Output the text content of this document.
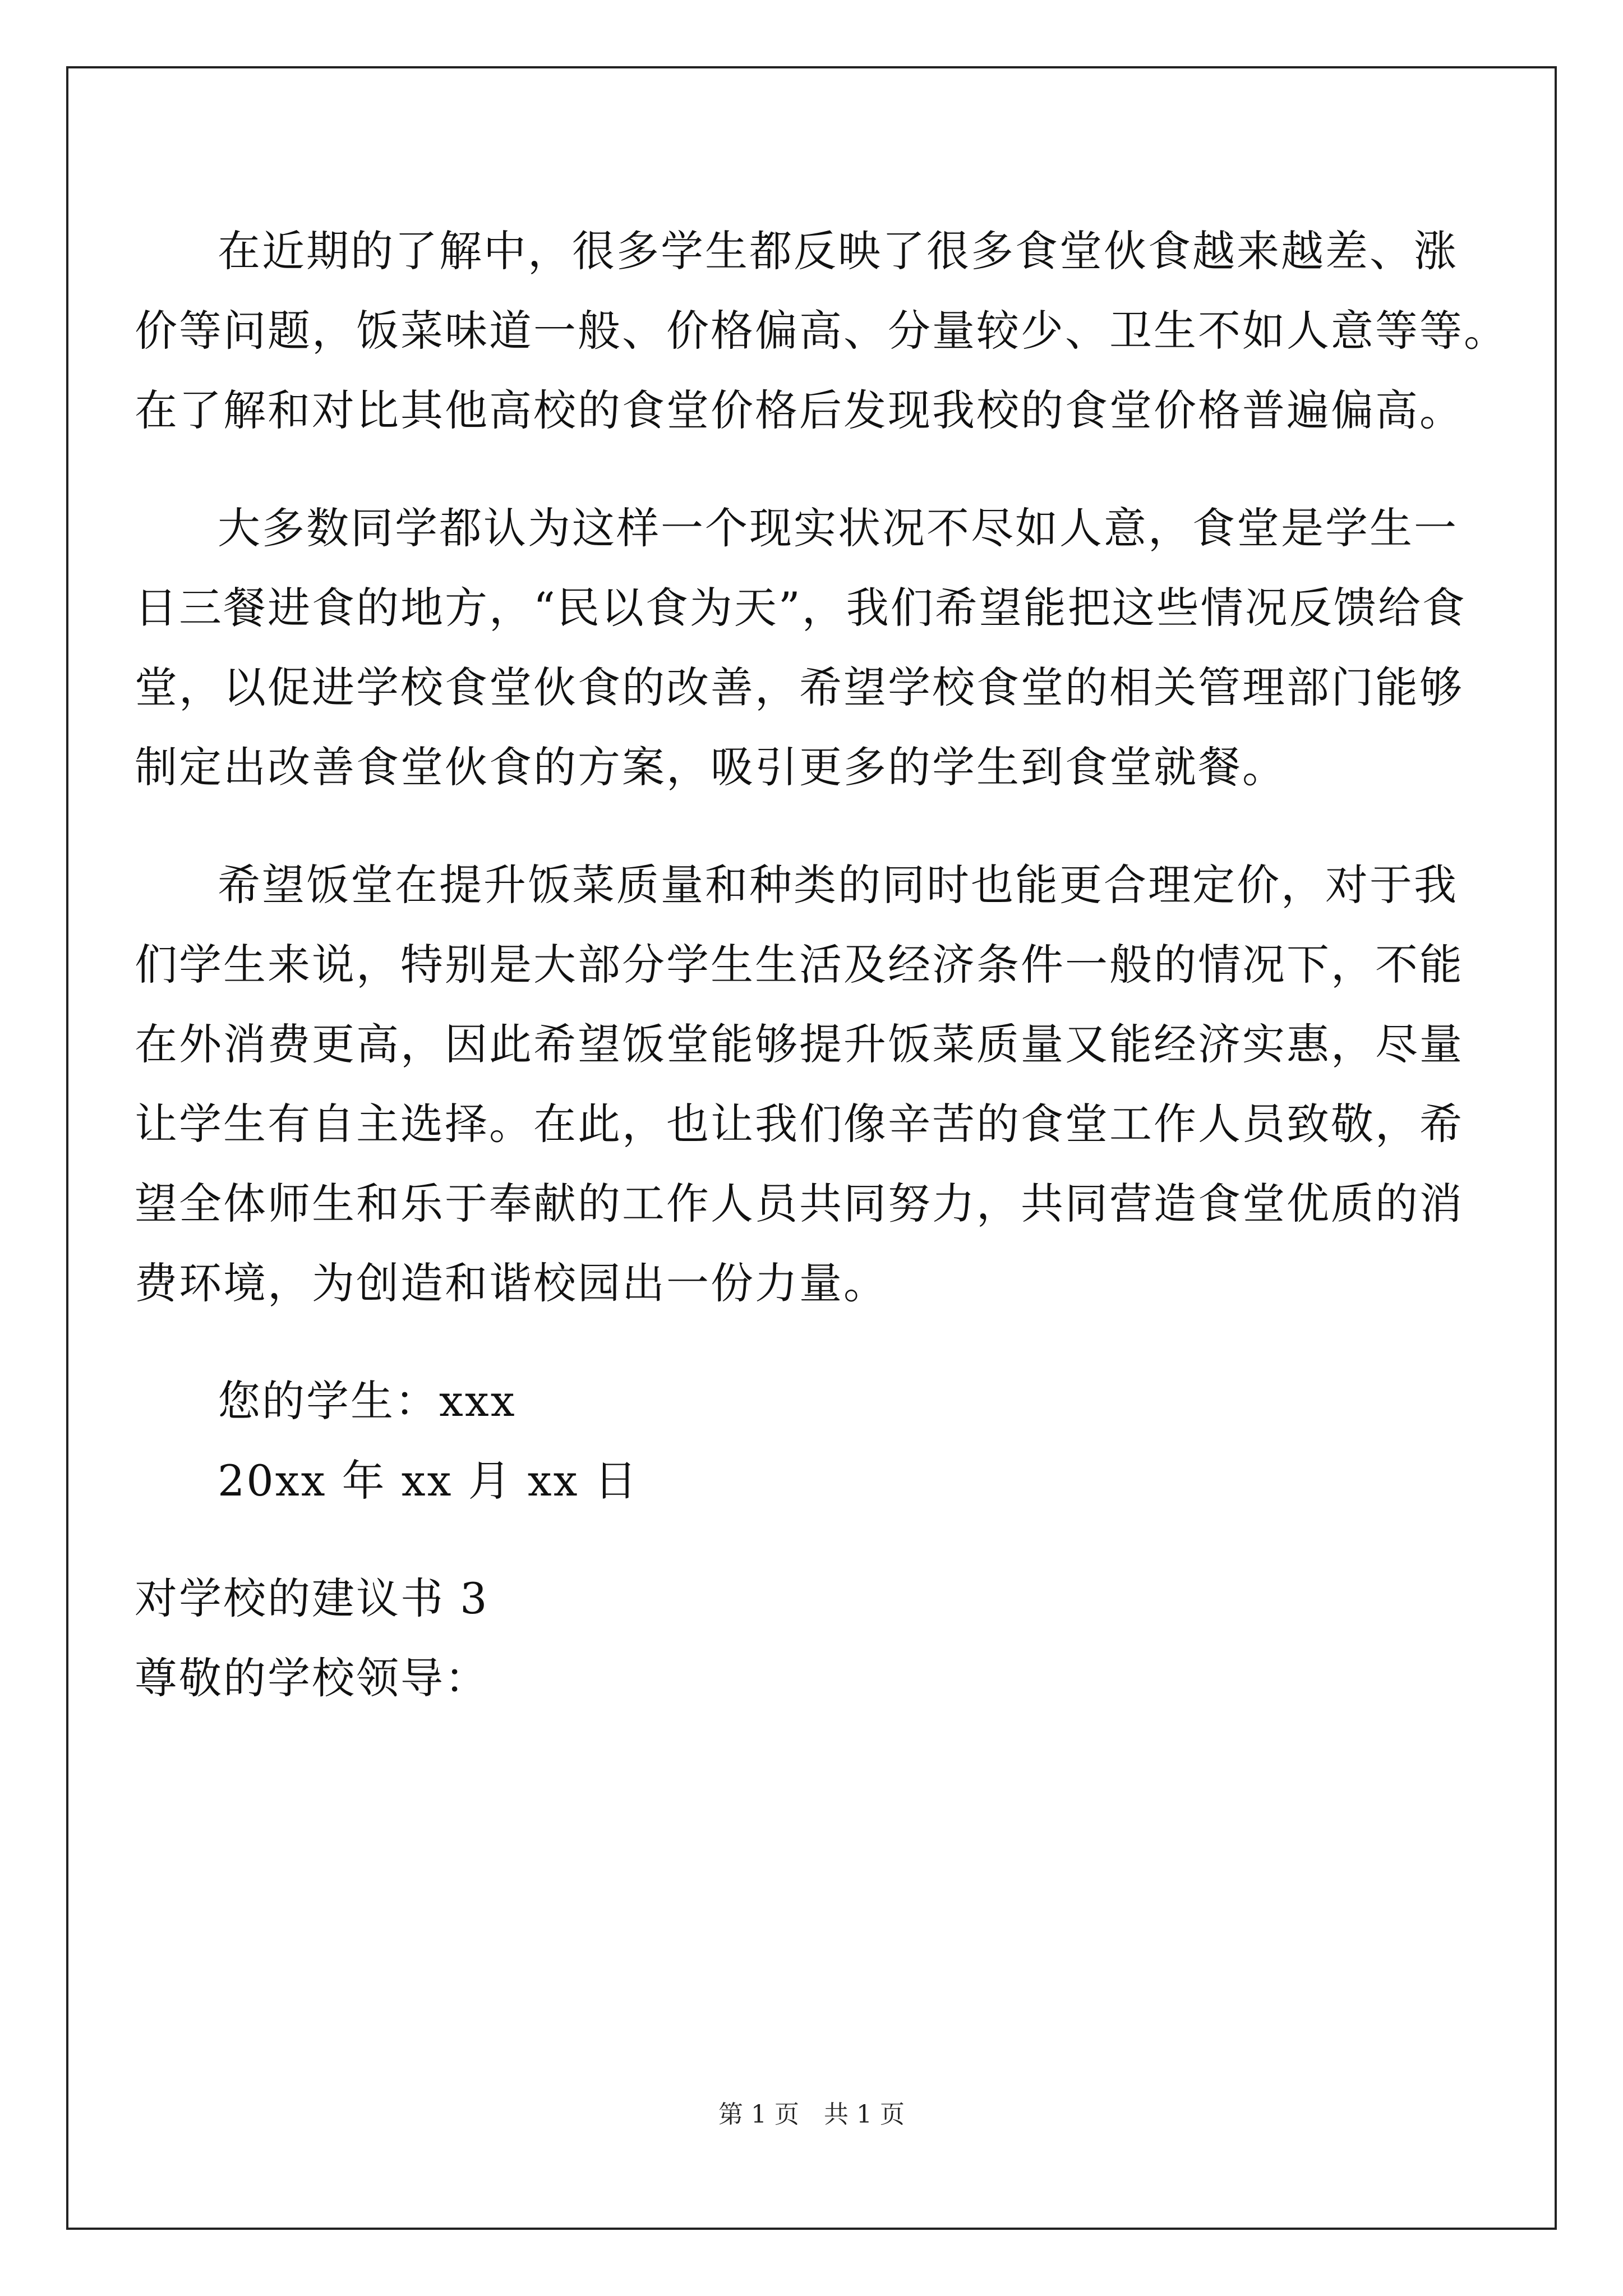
在近期的了解中，很多学生都反映了很多食堂伙食越来越差、涨
价等问题，饭菜味道一般、价格偏高、分量较少、卫生不如人意等等。
在了解和对比其他高校的食堂价格后发现我校的食堂价格普遍偏高。
大多数同学都认为这样一个现实状况不尽如人意，食堂是学生一
日三餐进食的地方，“民以食为天”，我们希望能把这些情况反馈给食
堂，以促进学校食堂伙食的改善，希望学校食堂的相关管理部门能够
制定出改善食堂伙食的方案，吸引更多的学生到食堂就餐。
希望饭堂在提升饭菜质量和种类的同时也能更合理定价，对于我
们学生来说，特别是大部分学生生活及经济条件一般的情况下，不能
在外消费更高，因此希望饭堂能够提升饭菜质量又能经济实惠，尽量
让学生有自主选择。在此，也让我们像辛苦的食堂工作人员致敬，希
望全体师生和乐于奉献的工作人员共同努力，共同营造食堂优质的消
费环境，为创造和谐校园出一份力量。
您的学生：xxx
20xx 年 xx 月 xx 日
对学校的建议书 3
尊敬的学校领导：
第 1 页　共 1 页
